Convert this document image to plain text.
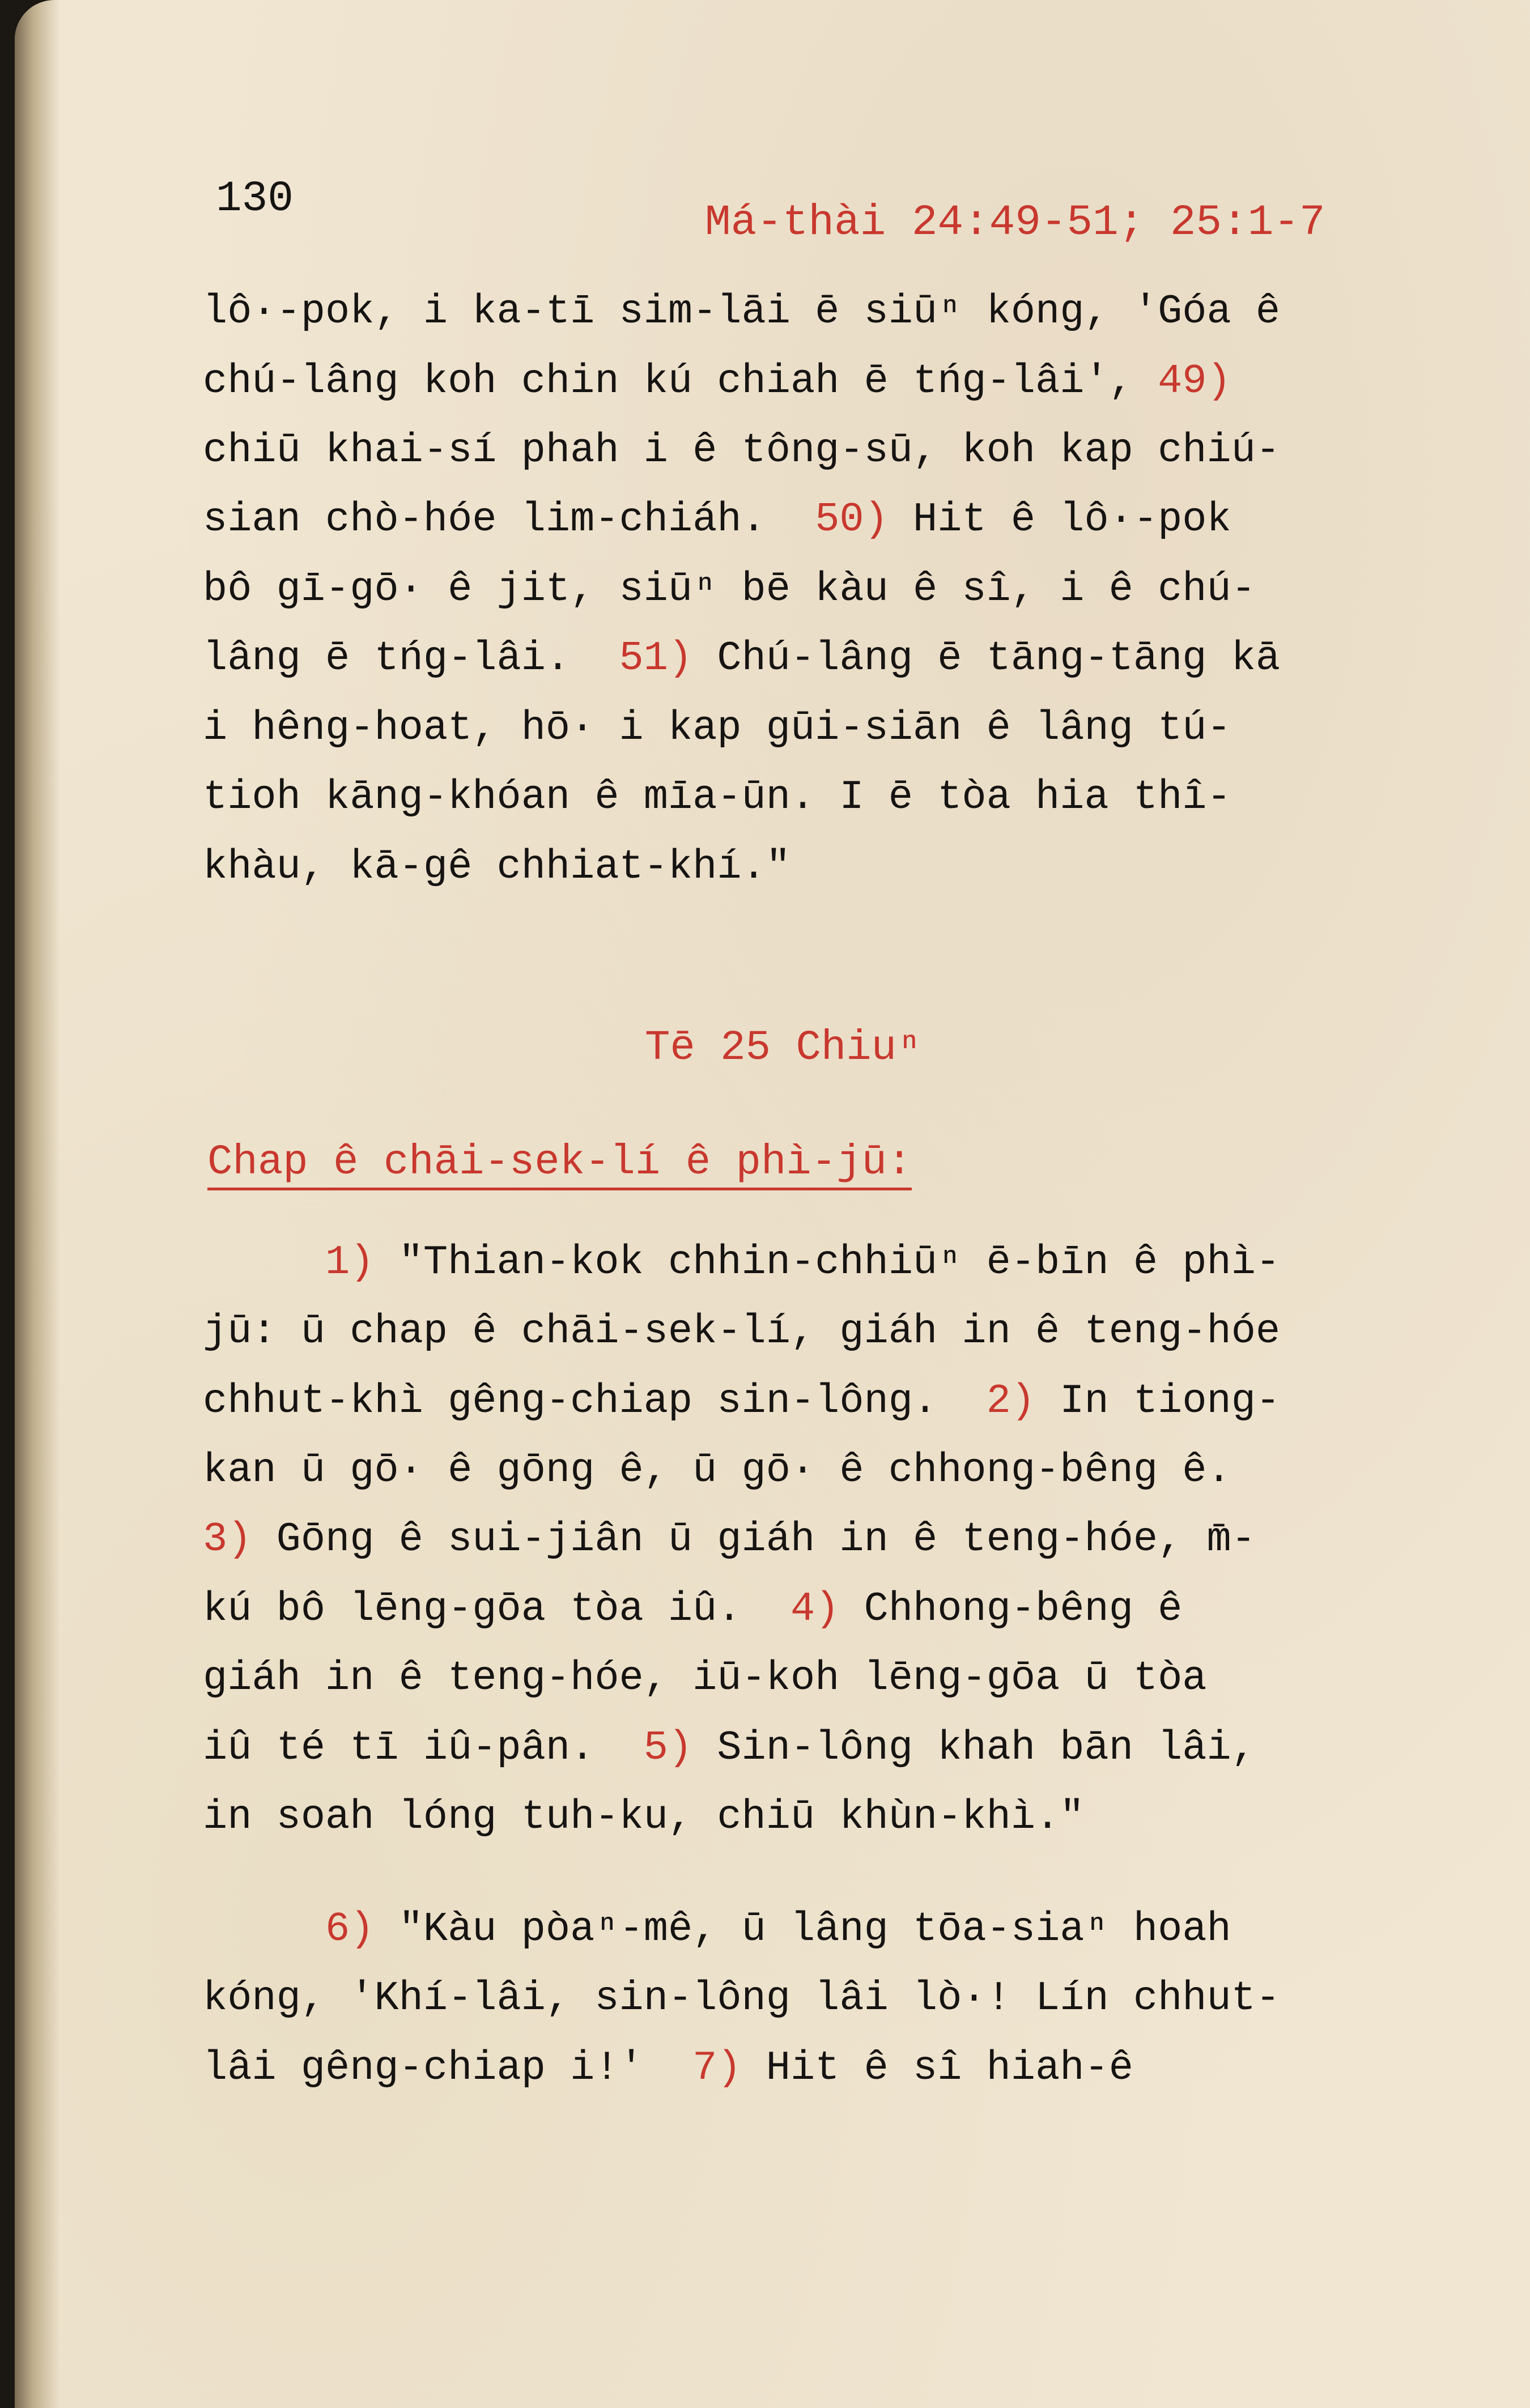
130	Má-thài 24:49-51; 25:1-7

lô·-pok, i ka-tī sim-lāi ē siūⁿ kóng, 'Góa ê

chú-lâng koh chin kú chiah ē tńg-lâi', 49)

chiū khai-sí phah i ê tông-sū, koh kap chiú-

sian chò-hóe lim-chiáh. 50) Hit ê lô·-pok

bô gī-gō· ê jit, siūⁿ bē kàu ê sî, i ê chú-

lâng ē tńg-lâi. 51) Chú-lâng ē tāng-tāng kā

i hêng-hoat, hō· i kap gūi-siān ê lâng tú-

tioh kāng-khóan ê mīa-ūn. I ē tòa hia thî-

khàu, kā-gê chhiat-khí."

Tē 25 Chiuⁿ
Chap ê chāi-sek-lí ê phì-jū:

1) "Thian-kok chhin-chhiūⁿ ē-bīn ê phì-

jū: ū chap ê chāi-sek-lí, giáh in ê teng-hóe

chhut-khì gêng-chiap sin-lông. 2) In tiong-

kan ū gō· ê gōng ê, ū gō· ê chhong-bêng ê.

3) Gōng ê sui-jiân ū giáh in ê teng-hóe, m̄-

kú bô lēng-gōa tòa iû. 4) Chhong-bêng ê

giáh in ê teng-hóe, iū-koh lēng-gōa ū tòa

iû té tī iû-pân. 5) Sin-lông khah bān lâi,

in soah lóng tuh-ku, chiū khùn-khì."

6) "Kàu pòaⁿ-mê, ū lâng tōa-siaⁿ hoah

kóng, 'Khí-lâi, sin-lông lâi lò·! Lín chhut-

lâi gêng-chiap i!' 7) Hit ê sî hiah-ê
